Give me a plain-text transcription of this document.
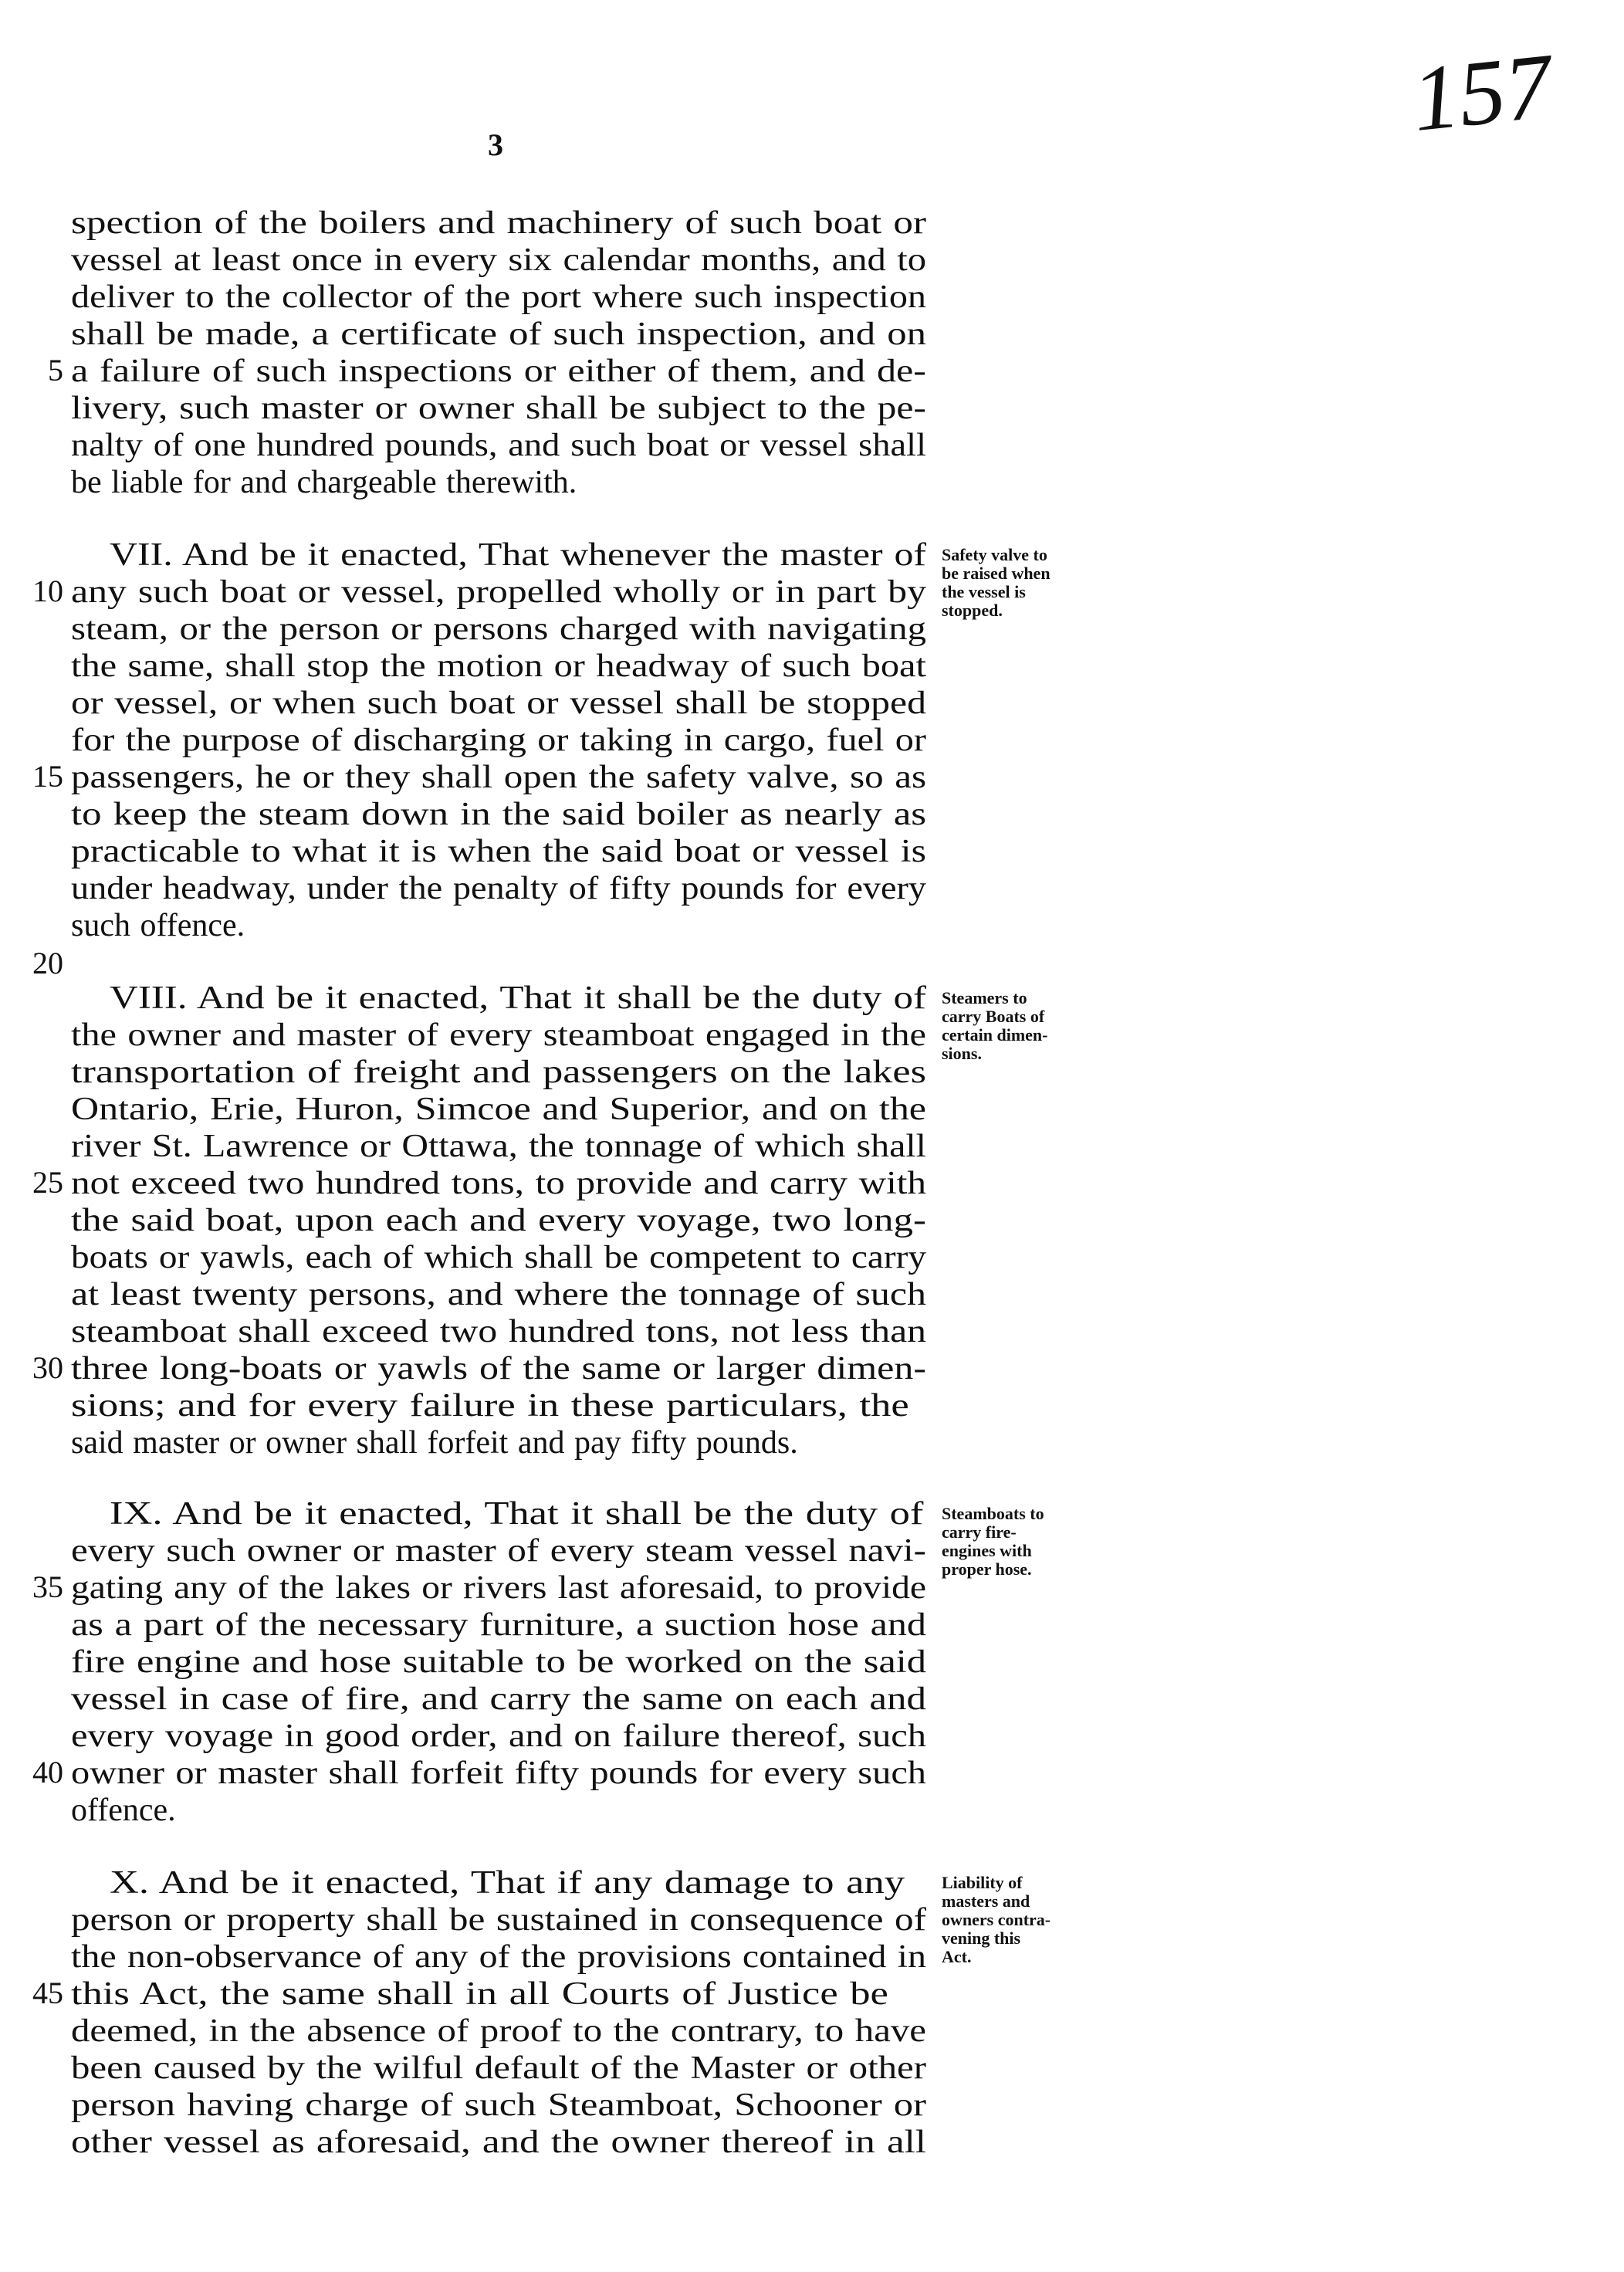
157
3
spection of the boilers and machinery of such boat or
vessel at least once in every six calendar months, and to
deliver to the collector of the port where such inspection
shall be made, a certificate of such inspection, and on
a failure of such inspections or either of them, and de-
livery, such master or owner shall be subject to the pe-
nalty of one hundred pounds, and such boat or vessel shall
be liable for and chargeable therewith.
VII. And be it enacted, That whenever the master of
any such boat or vessel, propelled wholly or in part by
steam, or the person or persons charged with navigating
the same, shall stop the motion or headway of such boat
or vessel, or when such boat or vessel shall be stopped
for the purpose of discharging or taking in cargo, fuel or
passengers, he or they shall open the safety valve, so as
to keep the steam down in the said boiler as nearly as
practicable to what it is when the said boat or vessel is
under headway, under the penalty of fifty pounds for every
such offence.
VIII. And be it enacted, That it shall be the duty of
the owner and master of every steamboat engaged in the
transportation of freight and passengers on the lakes
Ontario, Erie, Huron, Simcoe and Superior, and on the
river St. Lawrence or Ottawa, the tonnage of which shall
not exceed two hundred tons, to provide and carry with
the said boat, upon each and every voyage, two long-
boats or yawls, each of which shall be competent to carry
at least twenty persons, and where the tonnage of such
steamboat shall exceed two hundred tons, not less than
three long-boats or yawls of the same or larger dimen-
sions; and for every failure in these particulars, the
said master or owner shall forfeit and pay fifty pounds.
IX. And be it enacted, That it shall be the duty of
every such owner or master of every steam vessel navi-
gating any of the lakes or rivers last aforesaid, to provide
as a part of the necessary furniture, a suction hose and
fire engine and hose suitable to be worked on the said
vessel in case of fire, and carry the same on each and
every voyage in good order, and on failure thereof, such
owner or master shall forfeit fifty pounds for every such
offence.
X. And be it enacted, That if any damage to any
person or property shall be sustained in consequence of
the non-observance of any of the provisions contained in
this Act, the same shall in all Courts of Justice be
deemed, in the absence of proof to the contrary, to have
been caused by the wilful default of the Master or other
person having charge of such Steamboat, Schooner or
other vessel as aforesaid, and the owner thereof in all
5
10
15
20
25
30
35
40
45
Safety valve to
be raised when
the vessel is
stopped.
Steamers to
carry Boats of
certain dimen-
sions.
Steamboats to
carry fire-
engines with
proper hose.
Liability of
masters and
owners contra-
vening this
Act.
